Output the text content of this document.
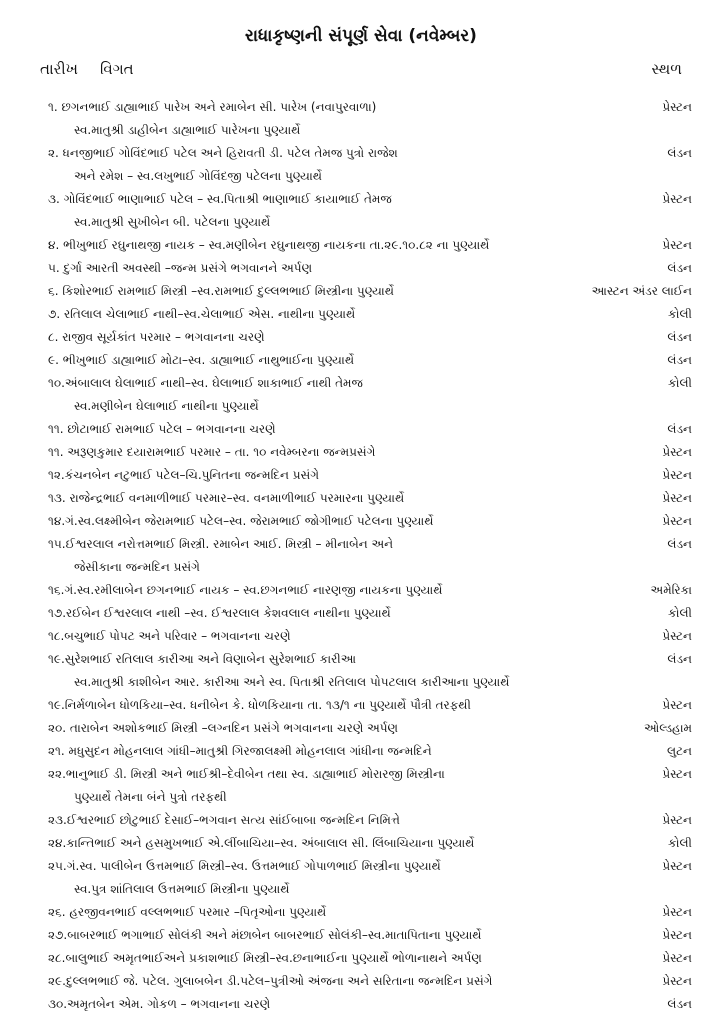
રાધાકૃષ્ણની સંપૂર્ણ સેવા (નવેમ્બર)
તારીખ વિગત	સ્થળ
૧. છગનભાઈ ડાહ્યાભાઈ પારેખ અને રમાબેન સી. પારેખ (નવાપુરવાળા)	પ્રેસ્ટન
સ્વ.માતુશ્રી ડાહીબેન ડાહ્યાભાઈ પારેખના પુણ્યાર્થે
૨. ધનજીભાઈ ગોવિંદભાઈ પટેલ અને હિરાવતી ડી. પટેલ તેમજ પુત્રો રાજેશ	લંડન
અને રમેશ – સ્વ.લખુભાઈ ગોવિંદજી પટેલના પુણ્યાર્થે
૩. ગોવિંદભાઈ ભાણાભાઈ પટેલ – સ્વ.પિતાશ્રી ભાણાભાઈ કાયાભાઈ તેમજ	પ્રેસ્ટન
સ્વ.માતુશ્રી સુખીબેન બી. પટેલના પુણ્યાર્થે
૪. ભીખુભાઈ રઘુનાથજી નાયક – સ્વ.મણીબેન રઘુનાથજી નાયકના તા.૨૯.૧૦.૮૨ ના પુણ્યાર્થે	પ્રેસ્ટન
૫. દુર્ગા આરતી અવસ્થી –જન્મ પ્રસંગે ભગવાનને અર્પણ	લંડન
૬. કિશોરભાઈ રામભાઈ મિસ્ત્રી –સ્વ.રામભાઈ દુલ્લભભાઈ મિસ્ત્રીના પુણ્યાર્થે	આસ્ટન અંડર લાઈન
૭. રતિલાલ ચેલાભાઈ નાથી–સ્વ.ચેલાભાઈ એસ. નાથીના પુણ્યાર્થે	કોલી
૮. રાજીવ સૂર્યકાંત પરમાર – ભગવાનના ચરણે	લંડન
૯. ભીખુભાઈ ડાહ્યાભાઈ મોટા–સ્વ. ડાહ્યાભાઈ નાથુભાઈના પુણ્યાર્થે	લંડન
૧૦.અંબાલાલ ઘેલાભાઈ નાથી–સ્વ. ઘેલાભાઈ શાકાભાઈ નાથી તેમજ	કોલી
સ્વ.મણીબેન ઘેલાભાઈ નાથીના પુણ્યાર્થે
૧૧. છોટાભાઈ રામભાઈ પટેલ – ભગવાનના ચરણે	લંડન
૧૧. અરૂણકુમાર દયારામભાઈ પરમાર – તા. ૧૦ નવેમ્બરના જન્મપ્રસંગે	પ્રેસ્ટન
૧૨.કંચનબેન નટુભાઈ પટેલ–ચિ.પુનિતના જન્મદિન પ્રસંગે	પ્રેસ્ટન
૧૩. રાજેન્દ્રભાઈ વનમાળીભાઈ પરમાર–સ્વ. વનમાળીભાઈ પરમારના પુણ્યાર્થે	પ્રેસ્ટન
૧૪.ગં.સ્વ.લક્ષ્મીબેન જેરામભાઈ પટેલ–સ્વ. જેરામભાઈ જોગીભાઈ પટેલના પુણ્યાર્થે	પ્રેસ્ટન
૧૫.ઈશ્વરલાલ નરોત્તમભાઈ મિસ્ત્રી. રમાબેન આઈ. મિસ્ત્રી – મીનાબેન અને	લંડન
જેસીકાના જન્મદિન પ્રસંગે
૧૬.ગં.સ્વ.રમીલાબેન છગનભાઈ નાયક – સ્વ.છગનભાઈ નારણજી નાયકના પુણ્યાર્થે	અમેરિકા
૧૭.રઈબેન ઈશ્વરલાલ નાથી –સ્વ. ઈશ્વરલાલ કેશવલાલ નાથીના પુણ્યાર્થે	કોલી
૧૮.બચુભાઈ પોપટ અને પરિવાર – ભગવાનના ચરણે	પ્રેસ્ટન
૧૯.સુરેશભાઈ રતિલાલ કારીઆ અને વિણાબેન સુરેશભાઈ કારીઆ	લંડન
સ્વ.માતુશ્રી કાશીબેન આર. કારીઆ અને સ્વ. પિતાશ્રી રતિલાલ પોપટલાલ કારીઆના પુણ્યાર્થે
૧૯.નિર્મળાબેન ધોળકિયા–સ્વ. ધનીબેન કે. ધોળકિયાના તા. ૧૩/૧ ના પુણ્યાર્થે પૌત્રી તરફથી	પ્રેસ્ટન
૨૦. તારાબેન અશોકભાઈ મિસ્ત્રી –લગ્નદિન પ્રસંગે ભગવાનના ચરણે અર્પણ	ઓલ્ડહામ
૨૧. મધુસુદન મોહનલાલ ગાંધી–માતુશ્રી ગિરજાલક્ષ્મી મોહનલાલ ગાંધીના જન્મદિને	લુટન
૨૨.ભાનુભાઈ ડી. મિસ્ત્રી અને ભાઈશ્રી–દેવીબેન તથા સ્વ. ડાહ્યાભાઈ મોરારજી મિસ્ત્રીના	પ્રેસ્ટન
પુણ્યાર્થે તેમના બંને પુત્રો તરફથી
૨૩.ઈશ્વરભાઈ છોટુભાઈ દેસાઈ–ભગવાન સત્ય સાંઈબાબા જન્મદિન નિમિત્તે	પ્રેસ્ટન
૨૪.કાન્તિભાઈ અને હસમુખભાઈ એ.લીંબાચિયા–સ્વ. અંબાલાલ સી. લિંબાચિયાના પુણ્યાર્થે	કોલી
૨૫.ગં.સ્વ. પાલીબેન ઉત્તમભાઈ મિસ્ત્રી–સ્વ. ઉત્તમભાઈ ગોપાળભાઈ મિસ્ત્રીના પુણ્યાર્થે	પ્રેસ્ટન
સ્વ.પુત્ર શાંતિલાલ ઉત્તમભાઈ મિસ્ત્રીના પુણ્યાર્થે
૨૬. હરજીવનભાઈ વલ્લભભાઈ પરમાર –પિતૃઓના પુણ્યાર્થે	પ્રેસ્ટન
૨૭.બાબરભાઈ ભગાભાઈ સોલંકી અને મંછાબેન બાબરભાઈ સોલંકી–સ્વ.માતાપિતાના પુણ્યાર્થે	પ્રેસ્ટન
૨૮.બાલુભાઈ અમૃતભાઈઅને પ્રકાશભાઈ મિસ્ત્રી–સ્વ.છનાભાઈના પુણ્યાર્થે ભોળાનાથને અર્પણ	પ્રેસ્ટન
૨૯.દુલ્લભભાઈ જે. પટેલ. ગુલાબબેન ડી.પટેલ–પુત્રીઓ અંજના અને સરિતાના જન્મદિન પ્રસંગે	પ્રેસ્ટન
૩૦.અમૃતબેન એમ. ગોકળ – ભગવાનના ચરણે	લંડન
